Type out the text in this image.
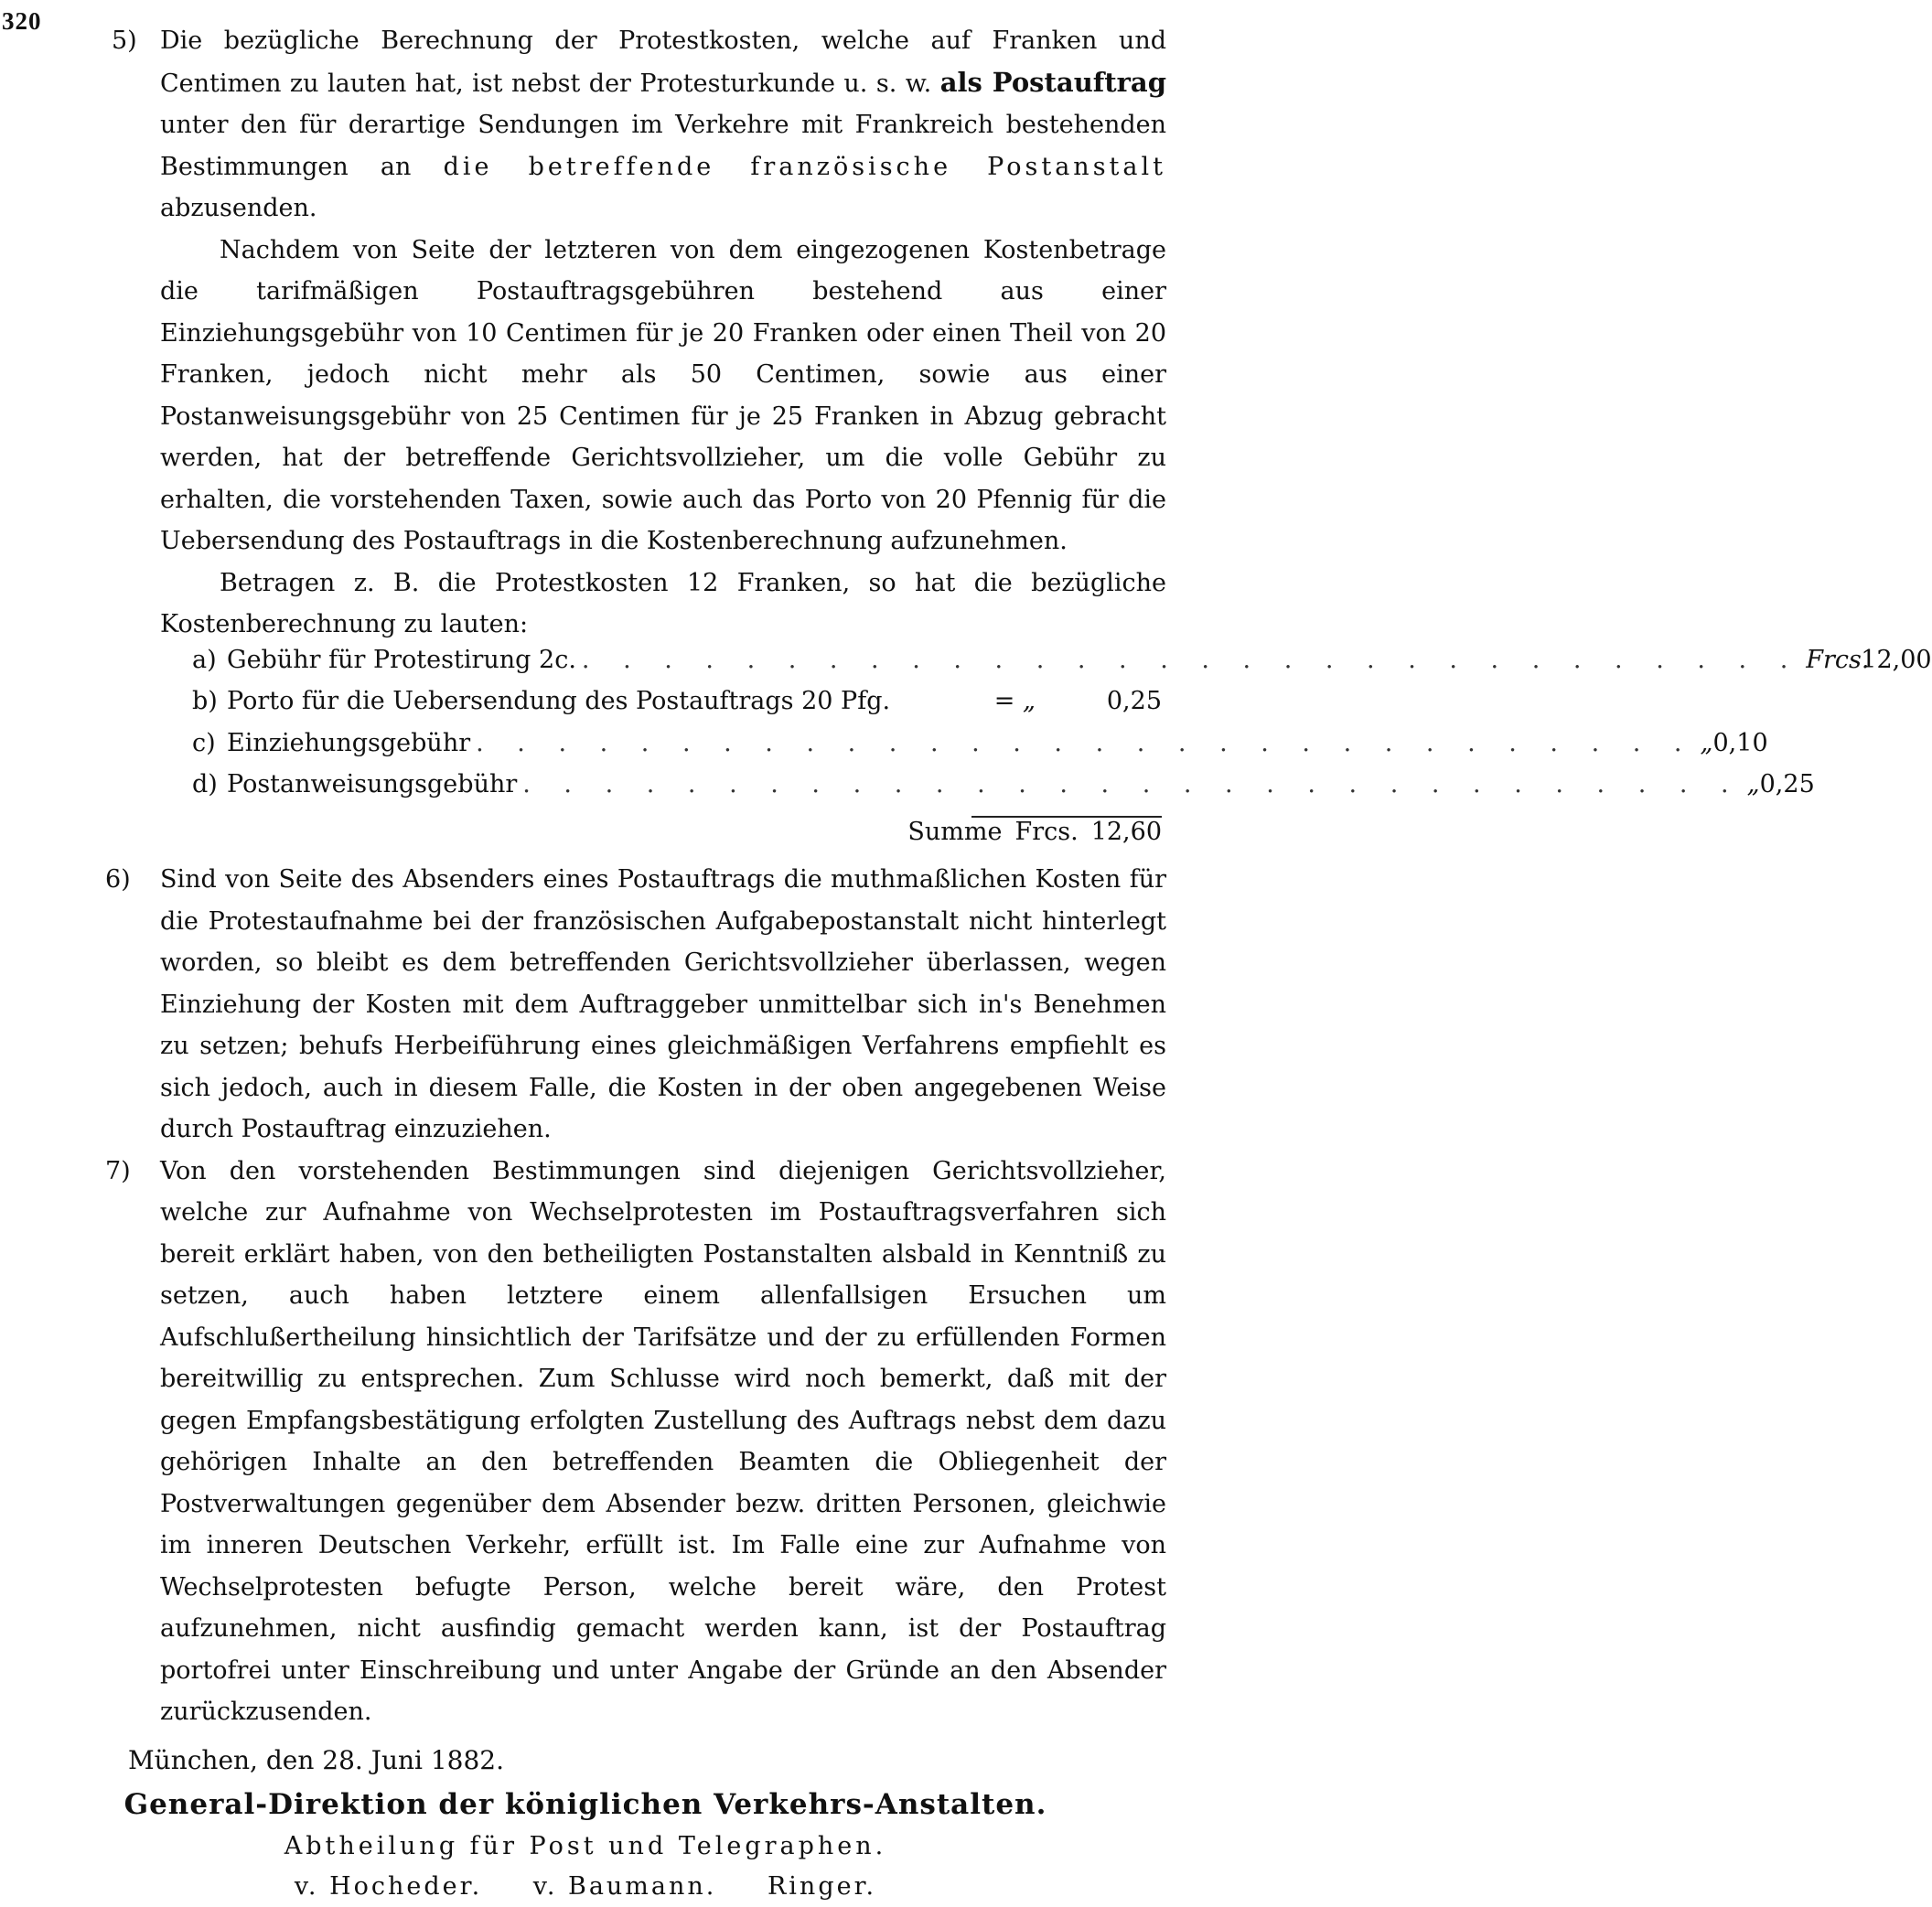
320

5) Die bezügliche Berechnung der Protestkosten, welche auf Franken und Centimen zu lauten hat, ist nebst der Protesturkunde u. s. w. als Postauftrag unter den für derartige Sendungen im Verkehre mit Frankreich bestehenden Bestimmungen an die betreffende französische Postanstalt abzusenden.

Nachdem von Seite der letzteren von dem eingezogenen Kostenbetrage die tarifmäßigen Postauftragsgebühren bestehend aus einer Einziehungsgebühr von 10 Centimen für je 20 Franken oder einen Theil von 20 Franken, jedoch nicht mehr als 50 Centimen, sowie aus einer Postanweisungsgebühr von 25 Centimen für je 25 Franken in Abzug gebracht werden, hat der betreffende Gerichtsvollzieher, um die volle Gebühr zu erhalten, die vorstehenden Taxen, sowie auch das Porto von 20 Pfennig für die Uebersendung des Postauftrags in die Kostenberechnung aufzunehmen.

Betragen z. B. die Protestkosten 12 Franken, so hat die bezügliche Kostenberechnung zu lauten:

a) Gebühr für Protestirung 2c. . . . . . . . . . . . . . . . . . . . . . . . . . . . . . . Frcs.
12,00
b) Porto für die Uebersendung des Postauftrags 20 Pfg.	= „	0,25
c) Einziehungsgebühr . . . . . . . . . . . . . . . . . . . . . . . . . . . . . . „ 0,10
d) Postanweisungsgebühr . . . . . . . . . . . . . . . . . . . . . . . . . . . . . . „ 0,25
Summe Frcs. 12,60

6) Sind von Seite des Absenders eines Postauftrags die muthmaßlichen Kosten für die Protestaufnahme bei der französischen Aufgabepostanstalt nicht hinterlegt worden, so bleibt es dem betreffenden Gerichtsvollzieher überlassen, wegen Einziehung der Kosten mit dem Auftraggeber unmittelbar sich in's Benehmen zu setzen; behufs Herbeiführung eines gleichmäßigen Verfahrens empfiehlt es sich jedoch, auch in diesem Falle, die Kosten in der oben angegebenen Weise durch Postauftrag einzuziehen.

7) Von den vorstehenden Bestimmungen sind diejenigen Gerichtsvollzieher, welche zur Aufnahme von Wechselprotesten im Postauftragsverfahren sich bereit erklärt haben, von den betheiligten Postanstalten alsbald in Kenntniß zu setzen, auch haben letztere einem allenfallsigen Ersuchen um Aufschlußertheilung hinsichtlich der Tarifsätze und der zu erfüllenden Formen bereitwillig zu entsprechen. Zum Schlusse wird noch bemerkt, daß mit der gegen Empfangsbestätigung erfolgten Zustellung des Auftrags nebst dem dazu gehörigen Inhalte an den betreffenden Beamten die Obliegenheit der Postverwaltungen gegenüber dem Absender bezw. dritten Personen, gleichwie im inneren Deutschen Verkehr, erfüllt ist. Im Falle eine zur Aufnahme von Wechselprotesten befugte Person, welche bereit wäre, den Protest aufzunehmen, nicht ausfindig gemacht werden kann, ist der Postauftrag portofrei unter Einschreibung und unter Angabe der Gründe an den Absender zurückzusenden.

München, den 28. Juni 1882.
General-Direktion der königlichen Verkehrs-Anstalten.
Abtheilung für Post und Telegraphen.
v. Hocheder. v. Baumann. Ringer.
